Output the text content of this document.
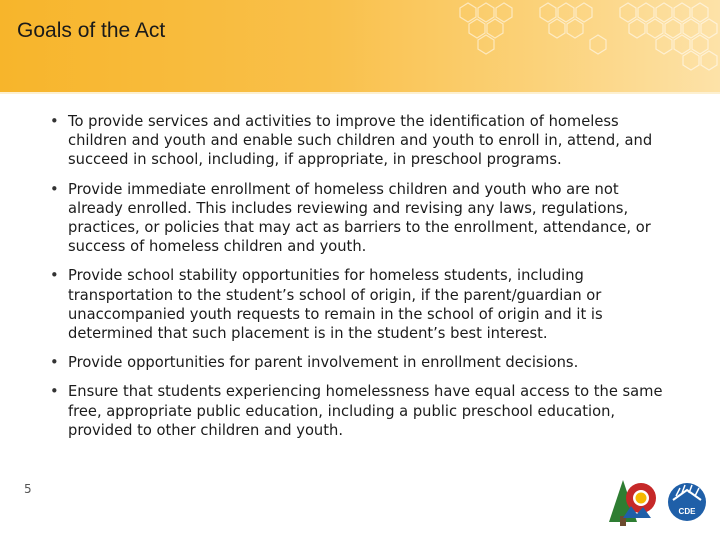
Goals of the Act
• To provide services and activities to improve the identification of homeless children and youth and enable such children and youth to enroll in, attend, and succeed in school, including, if appropriate, in preschool programs.
• Provide immediate enrollment of homeless children and youth who are not already enrolled. This includes reviewing and revising any laws, regulations, practices, or policies that may act as barriers to the enrollment, attendance, or success of homeless children and youth.
• Provide school stability opportunities for homeless students, including transportation to the student’s school of origin, if the parent/guardian or unaccompanied youth requests to remain in the school of origin and it is determined that such placement is in the student’s best interest.
• Provide opportunities for parent involvement in enrollment decisions.
• Ensure that students experiencing homelessness have equal access to the same free, appropriate public education, including a public preschool education, provided to other children and youth.
5
CDE
